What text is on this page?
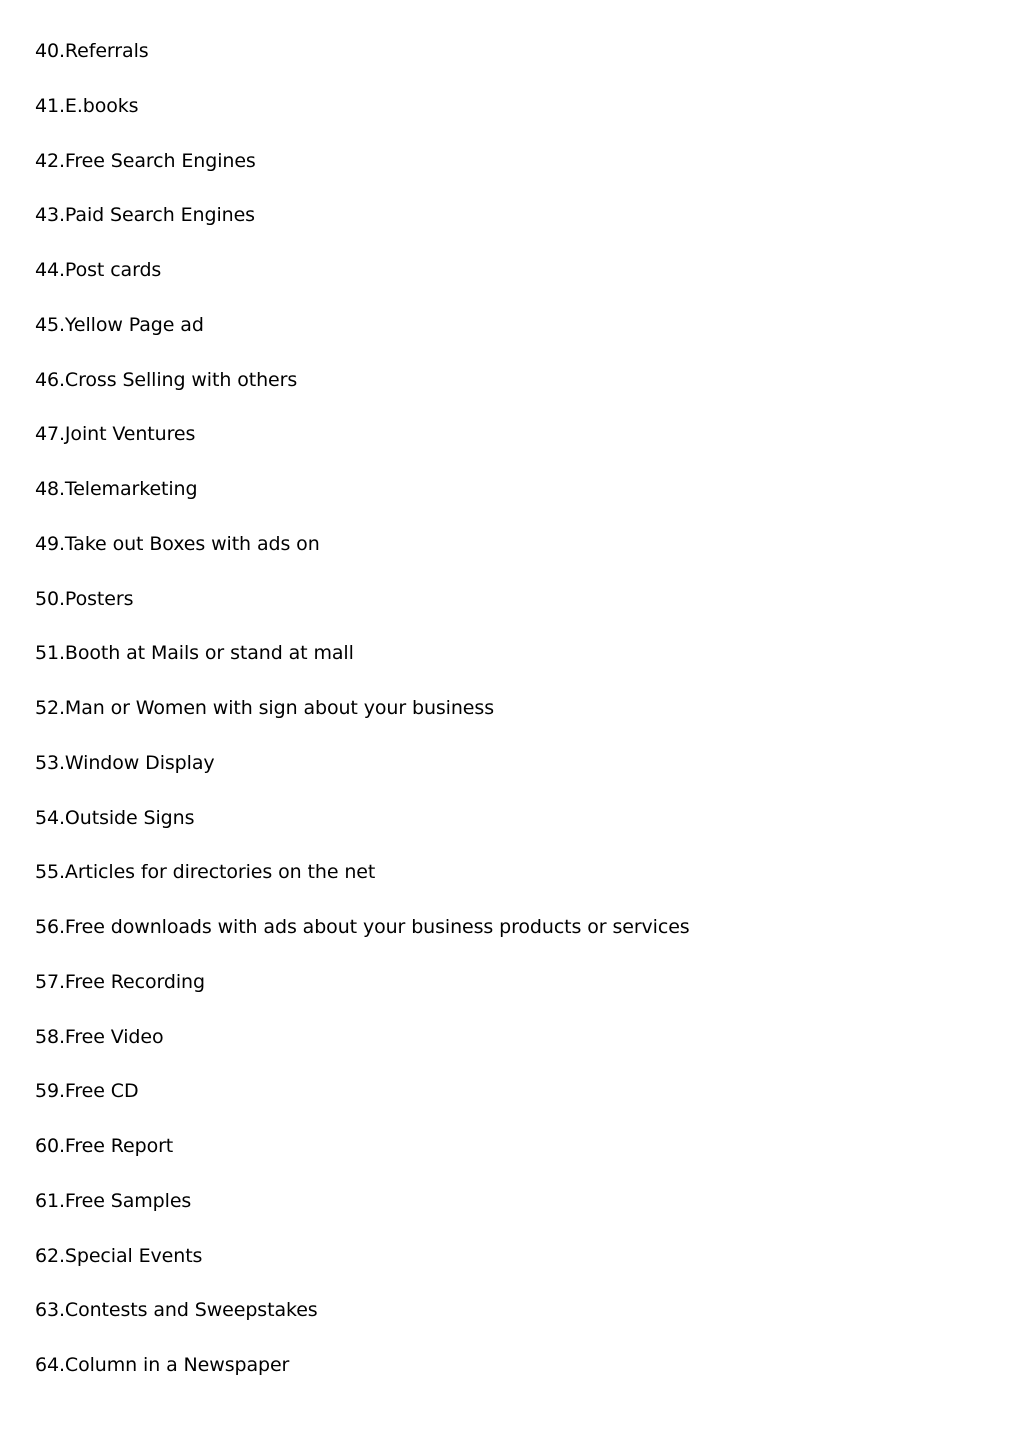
40.Referrals
41.E.books
42.Free Search Engines
43.Paid Search Engines
44.Post cards
45.Yellow Page ad
46.Cross Selling with others
47.Joint Ventures
48.Telemarketing
49.Take out Boxes with ads on
50.Posters
51.Booth at Mails or stand at mall
52.Man or Women with sign about your business
53.Window Display
54.Outside Signs
55.Articles for directories on the net
56.Free downloads with ads about your business products or services
57.Free Recording
58.Free Video
59.Free CD
60.Free Report
61.Free Samples
62.Special Events
63.Contests and Sweepstakes
64.Column in a Newspaper
